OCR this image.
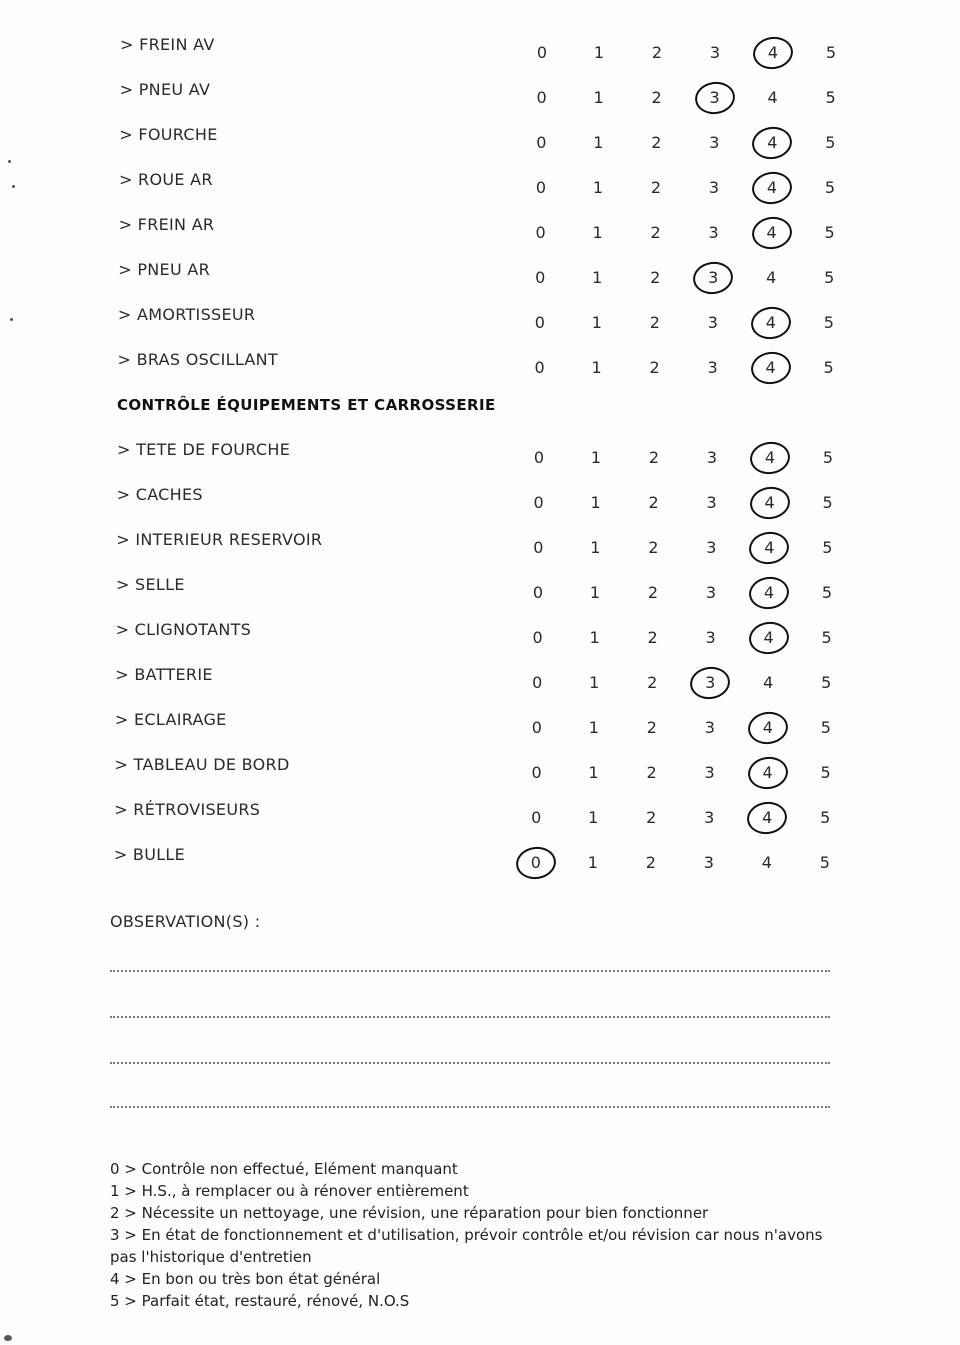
> FREIN AV	0	1	2	3	4	5
> PNEU AV	0	1	2	3	4	5
> FOURCHE	0	1	2	3	4	5
> ROUE AR	0	1	2	3	4	5
> FREIN AR	0	1	2	3	4	5
> PNEU AR	0	1	2	3	4	5
> AMORTISSEUR	0	1	2	3	4	5
> BRAS OSCILLANT	0	1	2	3	4	5
CONTRÔLE ÉQUIPEMENTS ET CARROSSERIE
> TETE DE FOURCHE	0	1	2	3	4	5
> CACHES	0	1	2	3	4	5
> INTERIEUR RESERVOIR	0	1	2	3	4	5
> SELLE	0	1	2	3	4	5
> CLIGNOTANTS	0	1	2	3	4	5
> BATTERIE	0	1	2	3	4	5
> ECLAIRAGE	0	1	2	3	4	5
> TABLEAU DE BORD	0	1	2	3	4	5
> RÉTROVISEURS	0	1	2	3	4	5
> BULLE	0	1	2	3	4	5
OBSERVATION(S) :
0 > Contrôle non effectué, Elément manquant
1 > H.S., à remplacer ou à rénover entièrement
2 > Nécessite un nettoyage, une révision, une réparation pour bien fonctionner
3 > En état de fonctionnement et d'utilisation, prévoir contrôle et/ou révision car nous n'avons pas l'historique d'entretien
4 > En bon ou très bon état général
5 > Parfait état, restauré, rénové, N.O.S
